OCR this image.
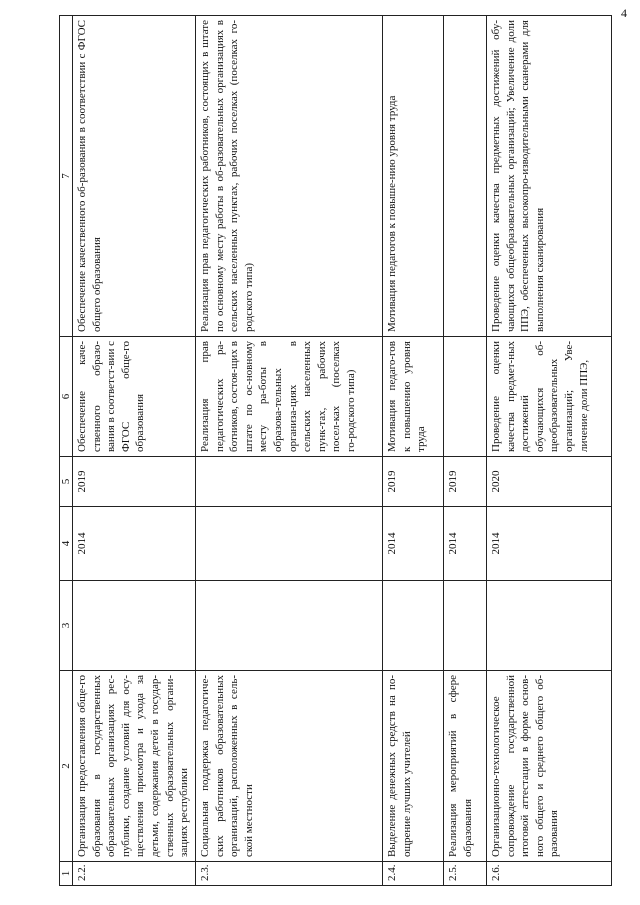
4
1	2	3	4	5	6	7
2.2.	Организация предоставления обще-го образования в государственных образовательных организациях рес-публики, создание условий для осу-ществления присмотра и ухода за детьми, содержания детей в государ-ственных образовательных органи-зациях республики		2014	2019	Обеспечение каче-ственного образо-вания в соответст-вии с ФГОС обще-го образования	Обеспечение качественного об-разования в соответствии с ФГОС общего образования
2.3.	Социальная поддержка педагогиче-ских работников образовательных организаций, расположенных в сель-ской местности				Реализация прав педагогических ра-ботников, состоя-щих в штате по ос-новному месту ра-боты в образова-тельных организа-циях в сельских населенных пунк-тах, рабочих посел-ках (поселках го-родского типа)	Реализация прав педагогических работников, состоящих в штате по основному месту работы в об-разовательных организациях в сельских населенных пунктах, рабочих поселках (поселках го-родского типа)
2.4.	Выделение денежных средств на по-ощрение лучших учителей		2014	2019	Мотивация педаго-гов к повышению уровня труда	Мотивация педагогов к повыше-нию уровня труда
2.5.	Реализация мероприятий в сфере образования		2014	2019		
2.6.	Организационно-технологическое сопровождение государственной итоговой аттестации в форме основ-ного общего и среднего общего об-разования		2014	2020	Проведение оценки качества предмет-ных достижений обучающихся об-щеобразовательных организаций; Уве-личение доли ППЭ,	Проведение оценки качества предметных достижений обу-чающихся общеобразовательных организаций; Увеличение доли ППЭ, обеспеченных высокопро-изводительными сканерами для выполнения сканирования
